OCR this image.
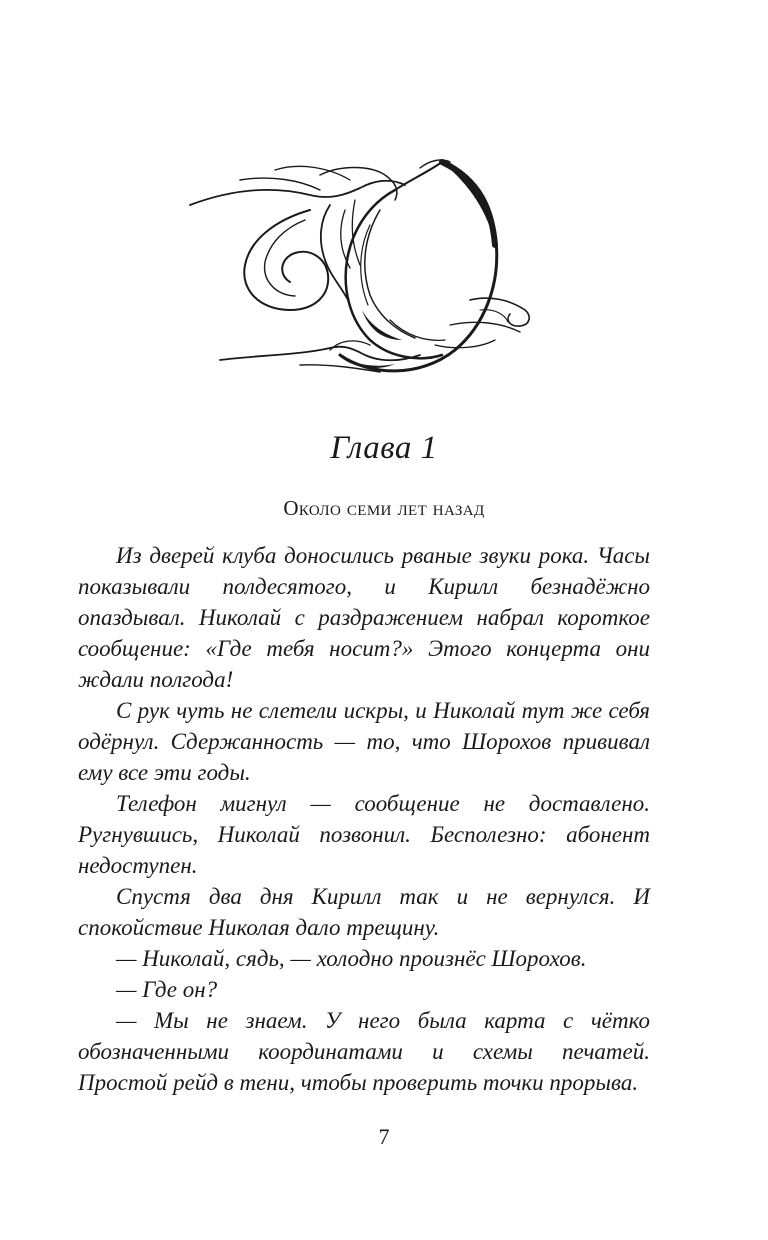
Глава 1
Около семи лет назад

Из дверей клуба доносились рваные звуки рока. Часы показывали полдесятого, и Кирилл безнадёжно опаздывал. Николай с раздражением набрал короткое сообщение: «Где тебя носит?» Этого концерта они ждали полгода!

С рук чуть не слетели искры, и Николай тут же себя одёрнул. Сдержанность — то, что Шорохов прививал ему все эти годы.

Телефон мигнул — сообщение не доставлено. Ругнувшись, Николай позвонил. Бесполезно: абонент недоступен.

Спустя два дня Кирилл так и не вернулся. И спокойствие Николая дало трещину.

— Николай, сядь, — холодно произнёс Шорохов.

— Где он?

— Мы не знаем. У него была карта с чётко обозначенными координатами и схемы печатей. Простой рейд в тени, чтобы проверить точки прорыва.

7
